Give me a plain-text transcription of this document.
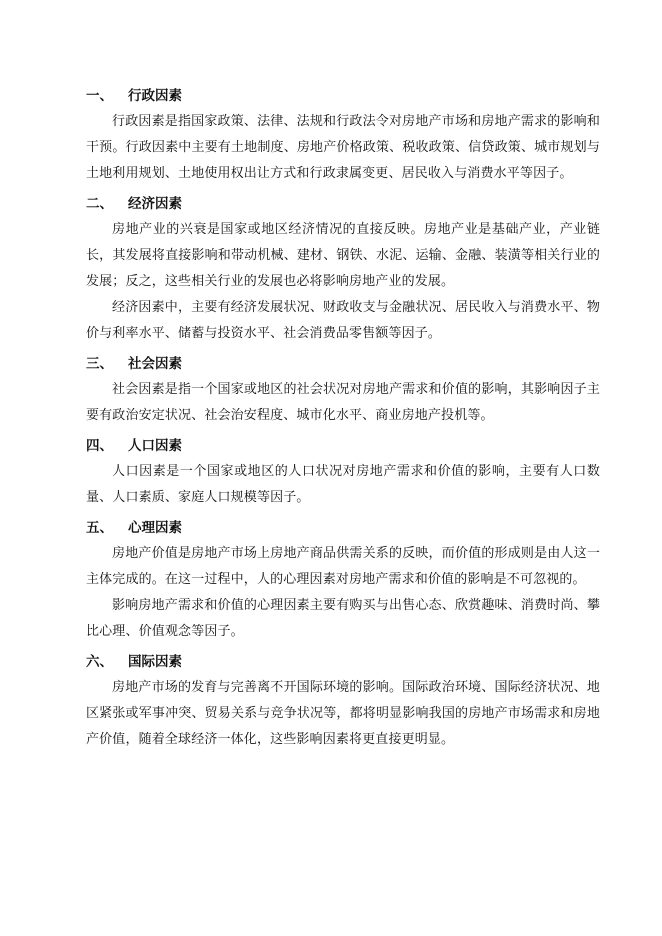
一、 行政因素

行政因素是指国家政策、法律、法规和行政法令对房地产市场和房地产需求的影响和干预。行政因素中主要有土地制度、房地产价格政策、税收政策、信贷政策、城市规划与土地利用规划、土地使用权出让方式和行政隶属变更、居民收入与消费水平等因子。

二、 经济因素

房地产业的兴衰是国家或地区经济情况的直接反映。房地产业是基础产业，产业链长，其发展将直接影响和带动机械、建材、钢铁、水泥、运输、金融、装潢等相关行业的发展；反之，这些相关行业的发展也必将影响房地产业的发展。

经济因素中，主要有经济发展状况、财政收支与金融状况、居民收入与消费水平、物价与利率水平、储蓄与投资水平、社会消费品零售额等因子。

三、 社会因素

社会因素是指一个国家或地区的社会状况对房地产需求和价值的影响，其影响因子主要有政治安定状况、社会治安程度、城市化水平、商业房地产投机等。

四、 人口因素

人口因素是一个国家或地区的人口状况对房地产需求和价值的影响，主要有人口数量、人口素质、家庭人口规模等因子。

五、 心理因素

房地产价值是房地产市场上房地产商品供需关系的反映，而价值的形成则是由人这一主体完成的。在这一过程中，人的心理因素对房地产需求和价值的影响是不可忽视的。

影响房地产需求和价值的心理因素主要有购买与出售心态、欣赏趣味、消费时尚、攀比心理、价值观念等因子。

六、 国际因素

房地产市场的发育与完善离不开国际环境的影响。国际政治环境、国际经济状况、地区紧张或军事冲突、贸易关系与竞争状况等，都将明显影响我国的房地产市场需求和房地产价值，随着全球经济一体化，这些影响因素将更直接更明显。
